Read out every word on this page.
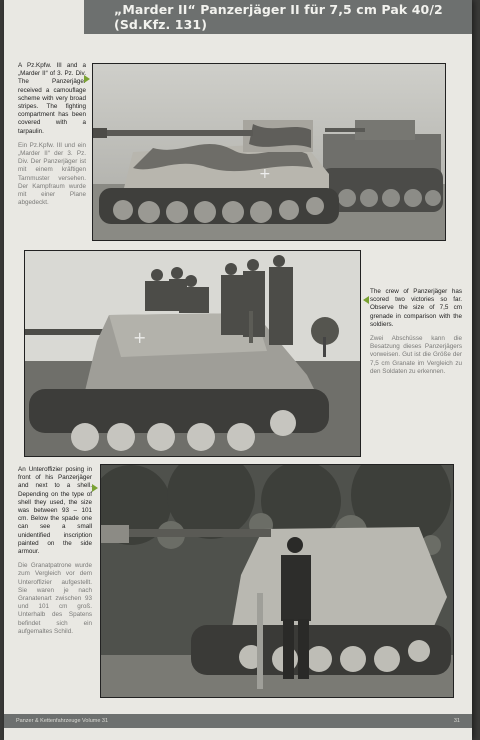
„Marder II“ Panzerjäger II für 7,5 cm Pak 40/2 (Sd.Kfz. 131)
A Pz.Kpfw. III and a „Marder II“ of 3. Pz. Div. The Panzerjäger received a camouflage scheme with very broad stripes. The fighting compartment has been covered with a tarpaulin.
Ein Pz.Kpfw. III und ein „Marder II“ der 3. Pz. Div. Der Panzerjäger ist mit einem kräftigen Tarnmuster versehen. Der Kampfraum wurde mit einer Plane abgedeckt.
+
+
The crew of Panzerjäger has scored two victories so far. Observe the size of 7,5 cm grenade in comparison with the soldiers.
Zwei Abschüsse kann die Besatzung dieses Panzerjägers vorweisen. Gut ist die Größe der 7,5 cm Granate im Vergleich zu den Soldaten zu erkennen.
An Unteroffizier posing in front of his Panzerjäger and next to a shell. Depending on the type of shell they used, the size was between 93 – 101 cm. Below the spade one can see a small unidentified inscription painted on the side armour.
Die Granatpatrone wurde zum Vergleich vor dem Unteroffizier aufgestellt. Sie waren je nach Granatenart zwischen 93 und 101 cm groß. Unterhalb des Spatens befindet sich ein aufgemaltes Schild.
Panzer & Kettenfahrzeuge Volume 31	31
